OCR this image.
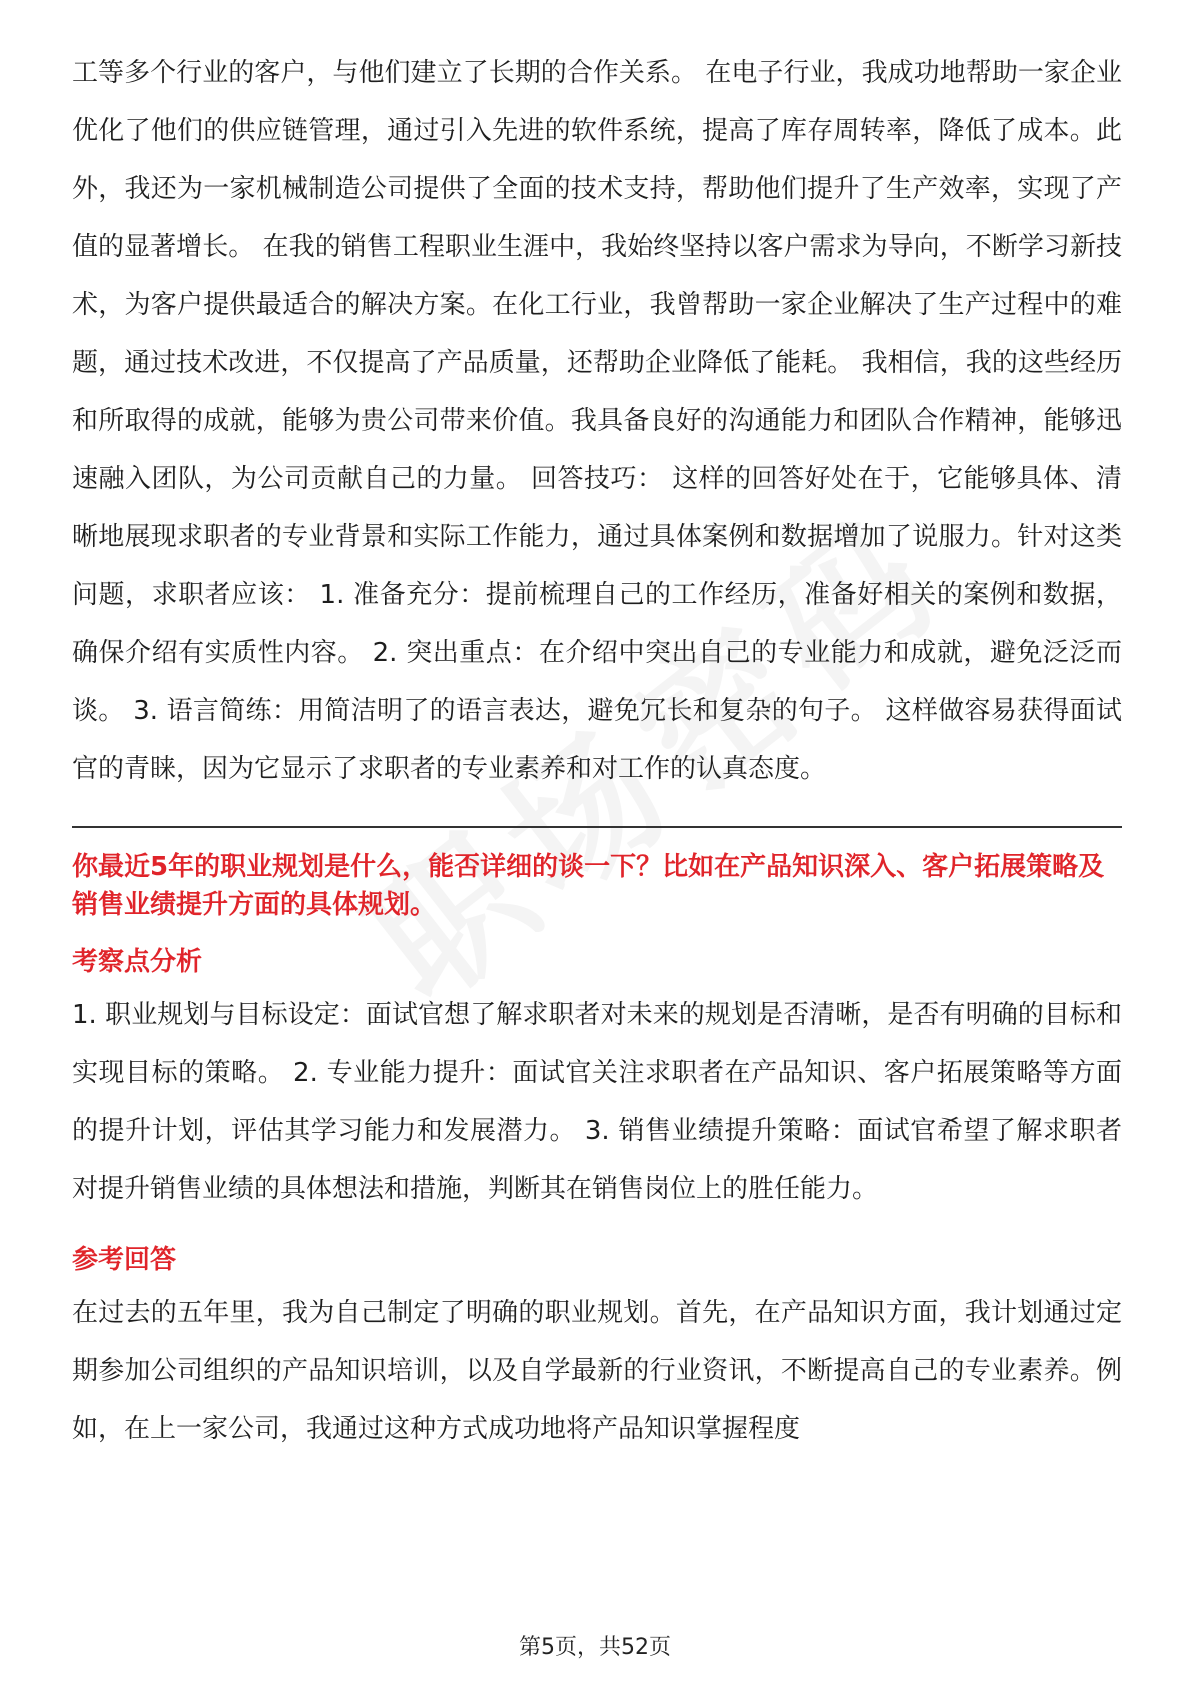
工等多个行业的客户，与他们建立了长期的合作关系。 在电子行业，我成功地帮助一家企业优化了他们的供应链管理，通过引入先进的软件系统，提高了库存周转率，降低了成本。此外，我还为一家机械制造公司提供了全面的技术支持，帮助他们提升了生产效率，实现了产值的显著增长。 在我的销售工程职业生涯中，我始终坚持以客户需求为导向，不断学习新技术，为客户提供最适合的解决方案。在化工行业，我曾帮助一家企业解决了生产过程中的难题，通过技术改进，不仅提高了产品质量，还帮助企业降低了能耗。 我相信，我的这些经历和所取得的成就，能够为贵公司带来价值。我具备良好的沟通能力和团队合作精神，能够迅速融入团队，为公司贡献自己的力量。 回答技巧： 这样的回答好处在于，它能够具体、清晰地展现求职者的专业背景和实际工作能力，通过具体案例和数据增加了说服力。针对这类问题，求职者应该： 1. 准备充分：提前梳理自己的工作经历，准备好相关的案例和数据，确保介绍有实质性内容。 2. 突出重点：在介绍中突出自己的专业能力和成就，避免泛泛而谈。 3. 语言简练：用简洁明了的语言表达，避免冗长和复杂的句子。 这样做容易获得面试官的青睐，因为它显示了求职者的专业素养和对工作的认真态度。

你最近5年的职业规划是什么，能否详细的谈一下？比如在产品知识深入、客户拓展策略及销售业绩提升方面的具体规划。

考察点分析

1. 职业规划与目标设定：面试官想了解求职者对未来的规划是否清晰，是否有明确的目标和实现目标的策略。 2. 专业能力提升：面试官关注求职者在产品知识、客户拓展策略等方面的提升计划，评估其学习能力和发展潜力。 3. 销售业绩提升策略：面试官希望了解求职者对提升销售业绩的具体想法和措施，判断其在销售岗位上的胜任能力。

参考回答

在过去的五年里，我为自己制定了明确的职业规划。首先，在产品知识方面，我计划通过定期参加公司组织的产品知识培训，以及自学最新的行业资讯，不断提高自己的专业素养。例如，在上一家公司，我通过这种方式成功地将产品知识掌握程度

第5页，共52页
